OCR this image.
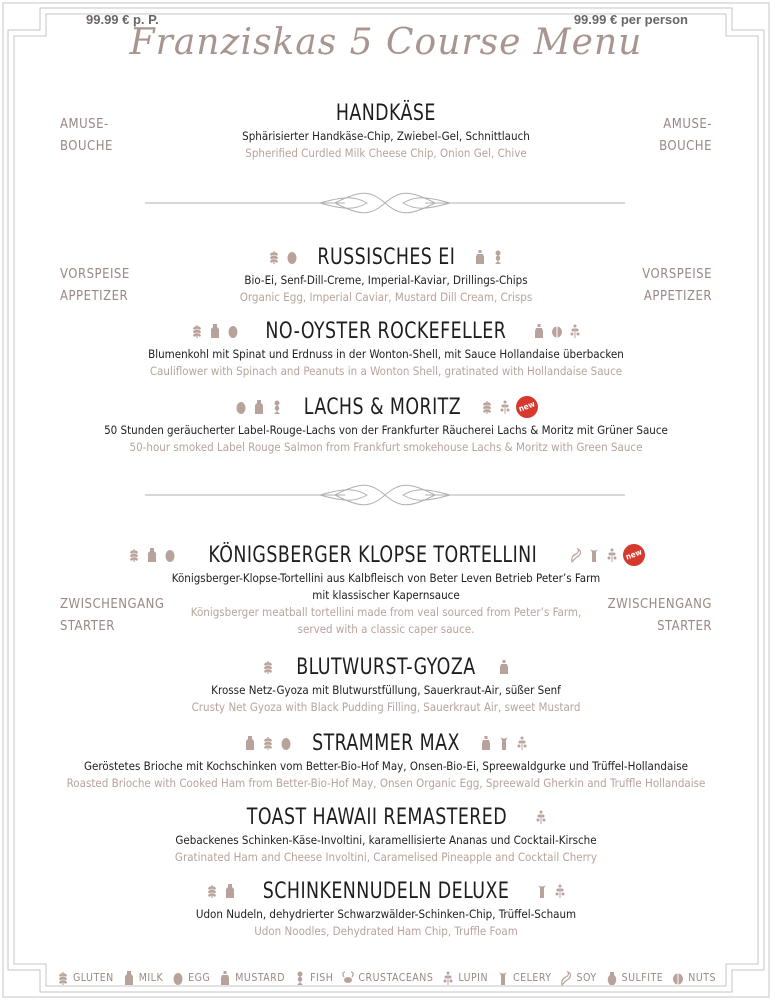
99.99 € p. P.	99.99 € per person
Franziskas 5 Course Menu
AMUSE-
BOUCHE
AMUSE-
BOUCHE
VORSPEISE
APPETIZER
VORSPEISE
APPETIZER
ZWISCHENGANG
STARTER
ZWISCHENGANG
STARTER
HANDKÄSE
Sphärisierter Handkäse-Chip, Zwiebel-Gel, Schnittlauch
Spherified Curdled Milk Cheese Chip, Onion Gel, Chive
RUSSISCHES EI
Bio-Ei, Senf-Dill-Creme, Imperial-Kaviar, Drillings-Chips
Organic Egg, Imperial Caviar, Mustard Dill Cream, Crisps
NO-OYSTER ROCKEFELLER
Blumenkohl mit Spinat und Erdnuss in der Wonton-Shell, mit Sauce Hollandaise überbacken
Cauliflower with Spinach and Peanuts in a Wonton Shell, gratinated with Hollandaise Sauce
LACHS & MORITZ	new
50 Stunden geräucherter Label-Rouge-Lachs von der Frankfurter Räucherei Lachs & Moritz mit Grüner Sauce
50-hour smoked Label Rouge Salmon from Frankfurt smokehouse Lachs & Moritz with Green Sauce
KÖNIGSBERGER KLOPSE TORTELLINI	new
Königsberger-Klopse-Tortellini aus Kalbfleisch von Beter Leven Betrieb Peter’s Farm
mit klassischer Kapernsauce
Königsberger meatball tortellini made from veal sourced from Peter’s Farm,
served with a classic caper sauce.
BLUTWURST-GYOZA
Krosse Netz-Gyoza mit Blutwurstfüllung, Sauerkraut-Air, süßer Senf
Crusty Net Gyoza with Black Pudding Filling, Sauerkraut Air, sweet Mustard
STRAMMER MAX
Geröstetes Brioche mit Kochschinken vom Better-Bio-Hof May, Onsen-Bio-Ei, Spreewaldgurke und Trüffel-Hollandaise
Roasted Brioche with Cooked Ham from Better-Bio-Hof May, Onsen Organic Egg, Spreewald Gherkin and Truffle Hollandaise
TOAST HAWAII REMASTERED
Gebackenes Schinken-Käse-Involtini, karamellisierte Ananas und Cocktail-Kirsche
Gratinated Ham and Cheese Involtini, Caramelised Pineapple and Cocktail Cherry
SCHINKENNUDELN DELUXE
Udon Nudeln, dehydrierter Schwarzwälder-Schinken-Chip, Trüffel-Schaum
Udon Noodles, Dehydrated Ham Chip, Truffle Foam
GLUTEN MILK EGG MUSTARD FISH CRUSTACEANS LUPIN CELERY SOY SULFITE NUTS
